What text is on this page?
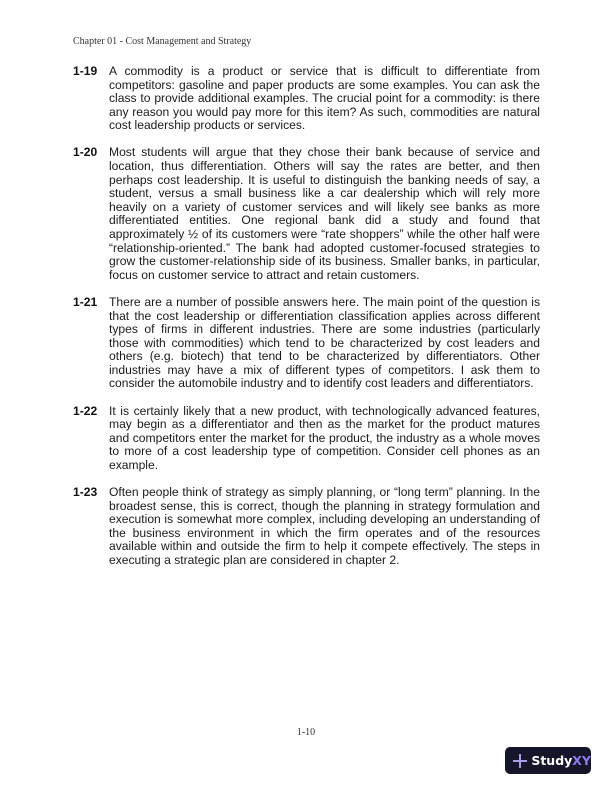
Chapter 01 - Cost Management and Strategy
1-19 A commodity is a product or service that is difficult to differentiate from competitors: gasoline and paper products are some examples. You can ask the class to provide additional examples. The crucial point for a commodity: is there any reason you would pay more for this item? As such, commodities are natural cost leadership products or services.
1-20 Most students will argue that they chose their bank because of service and location, thus differentiation. Others will say the rates are better, and then perhaps cost leadership. It is useful to distinguish the banking needs of say, a student, versus a small business like a car dealership which will rely more heavily on a variety of customer services and will likely see banks as more differentiated entities. One regional bank did a study and found that approximately ½ of its customers were “rate shoppers” while the other half were “relationship-oriented.” The bank had adopted customer-focused strategies to grow the customer-relationship side of its business. Smaller banks, in particular, focus on customer service to attract and retain customers.
1-21 There are a number of possible answers here. The main point of the question is that the cost leadership or differentiation classification applies across different types of firms in different industries. There are some industries (particularly those with commodities) which tend to be characterized by cost leaders and others (e.g. biotech) that tend to be characterized by differentiators. Other industries may have a mix of different types of competitors. I ask them to consider the automobile industry and to identify cost leaders and differentiators.
1-22 It is certainly likely that a new product, with technologically advanced features, may begin as a differentiator and then as the market for the product matures and competitors enter the market for the product, the industry as a whole moves to more of a cost leadership type of competition. Consider cell phones as an example.
1-23 Often people think of strategy as simply planning, or “long term” planning. In the broadest sense, this is correct, though the planning in strategy formulation and execution is somewhat more complex, including developing an understanding of the business environment in which the firm operates and of the resources available within and outside the firm to help it compete effectively. The steps in executing a strategic plan are considered in chapter 2.
1-10
StudyXY
